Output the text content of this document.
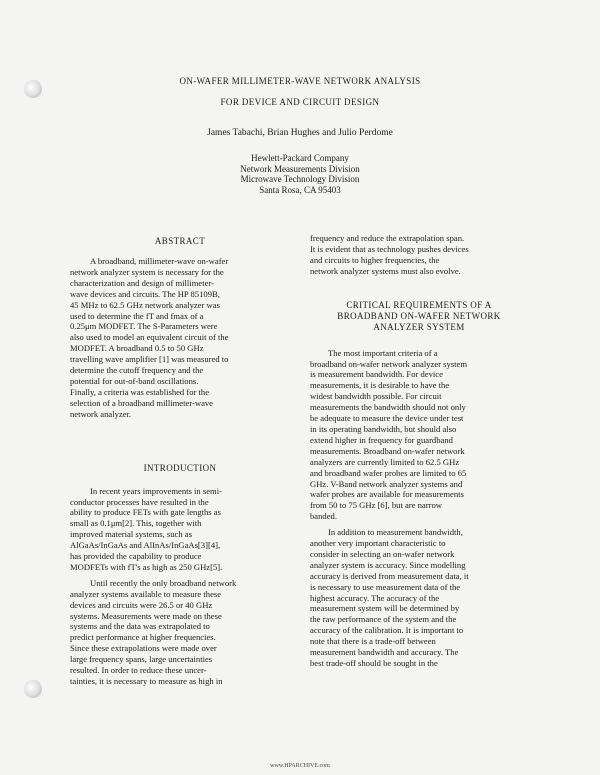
ON-WAFER MILLIMETER-WAVE NETWORK ANALYSIS
FOR DEVICE AND CIRCUIT DESIGN
James Tabachi, Brian Hughes and Julio Perdome
Hewlett-Packard Company
Network Measurements Division
Microwave Technology Division
Santa Rosa, CA 95403
ABSTRACT
A broadband, millimeter-wave on-wafer
network analyzer system is necessary for the
characterization and design of millimeter-
wave devices and circuits. The HP 85109B,
45 MHz to 62.5 GHz network analyzer was
used to determine the fT and fmax of a
0.25μm MODFET. The S-Parameters were
also used to model an equivalent circuit of the
MODFET. A broadband 0.5 to 50 GHz
travelling wave amplifier [1] was measured to
determine the cutoff frequency and the
potential for out-of-band oscillations.
Finally, a criteria was established for the
selection of a broadband millimeter-wave
network analyzer.
INTRODUCTION
In recent years improvements in semi-
conductor processes have resulted in the
ability to produce FETs with gate lengths as
small as 0.1μm[2]. This, together with
improved material systems, such as
AlGaAs/InGaAs and AlInAs/InGaAs[3][4],
has provided the capability to produce
MODFETs with fT's as high as 250 GHz[5].
Until recently the only broadband network
analyzer systems available to measure these
devices and circuits were 26.5 or 40 GHz
systems. Measurements were made on these
systems and the data was extrapolated to
predict performance at higher frequencies.
Since these extrapolations were made over
large frequency spans, large uncertainties
resulted. In order to reduce these uncer-
tainties, it is necessary to measure as high in
frequency and reduce the extrapolation span.
It is evident that as technology pushes devices
and circuits to higher frequencies, the
network analyzer systems must also evolve.
CRITICAL REQUIREMENTS OF A
BROADBAND ON-WAFER NETWORK
ANALYZER SYSTEM
The most important criteria of a
broadband on-wafer network analyzer system
is measurement bandwidth. For device
measurements, it is desirable to have the
widest bandwidth possible. For circuit
measurements the bandwidth should not only
be adequate to measure the device under test
in its operating bandwidth, but should also
extend higher in frequency for guardband
measurements. Broadband on-wafer network
analyzers are currently limited to 62.5 GHz
and broadband wafer probes are limited to 65
GHz. V-Band network analyzer systems and
wafer probes are available for measurements
from 50 to 75 GHz [6], but are narrow
banded.
In addition to measurement bandwidth,
another very important characteristic to
consider in selecting an on-wafer network
analyzer system is accuracy. Since modelling
accuracy is derived from measurement data, it
is necessary to use measurement data of the
highest accuracy. The accuracy of the
measurement system will be determined by
the raw performance of the system and the
accuracy of the calibration. It is important to
note that there is a trade-off between
measurement bandwidth and accuracy. The
best trade-off should be sought in the
www.HPARCHIVE.com
